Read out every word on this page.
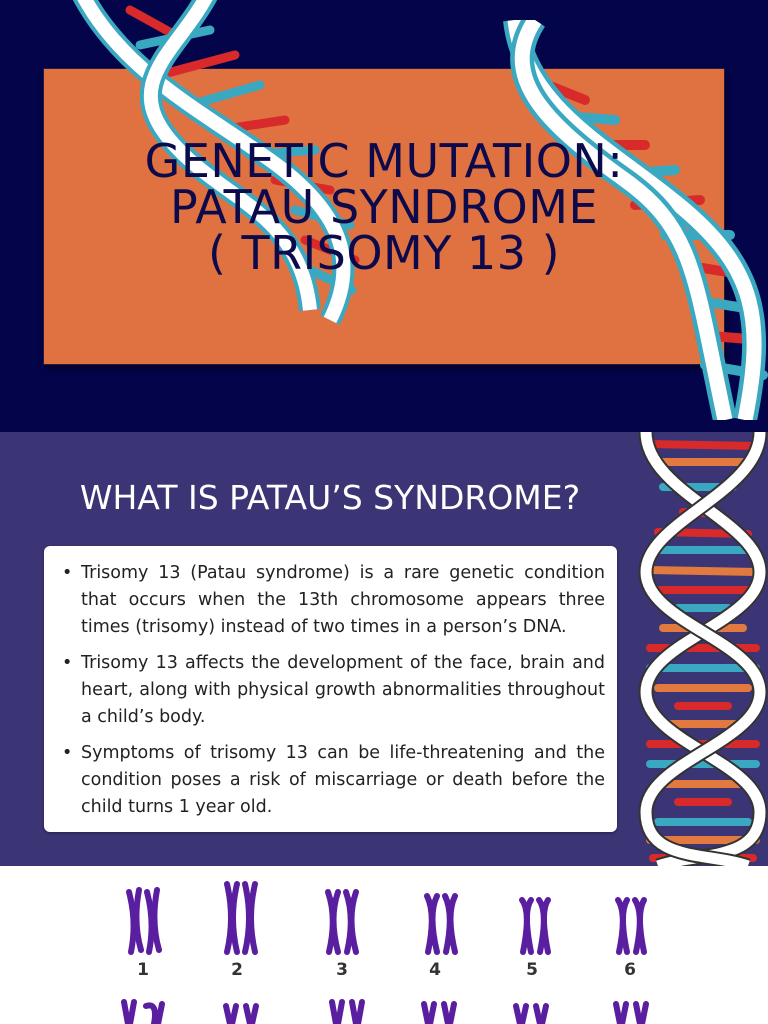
GENETIC MUTATION:
PATAU SYNDROME
( TRISOMY 13 )
WHAT IS PATAU’S SYNDROME?
• Trisomy 13 (Patau syndrome) is a rare genetic condition that occurs when the 13th chromosome appears three times (trisomy) instead of two times in a person’s DNA.
• Trisomy 13 affects the development of the face, brain and heart, along with physical growth abnormalities throughout a child’s body.
• Symptoms of trisomy 13 can be life-threatening and the condition poses a risk of miscarriage or death before the child turns 1 year old.
1	2	3	4	5	6
